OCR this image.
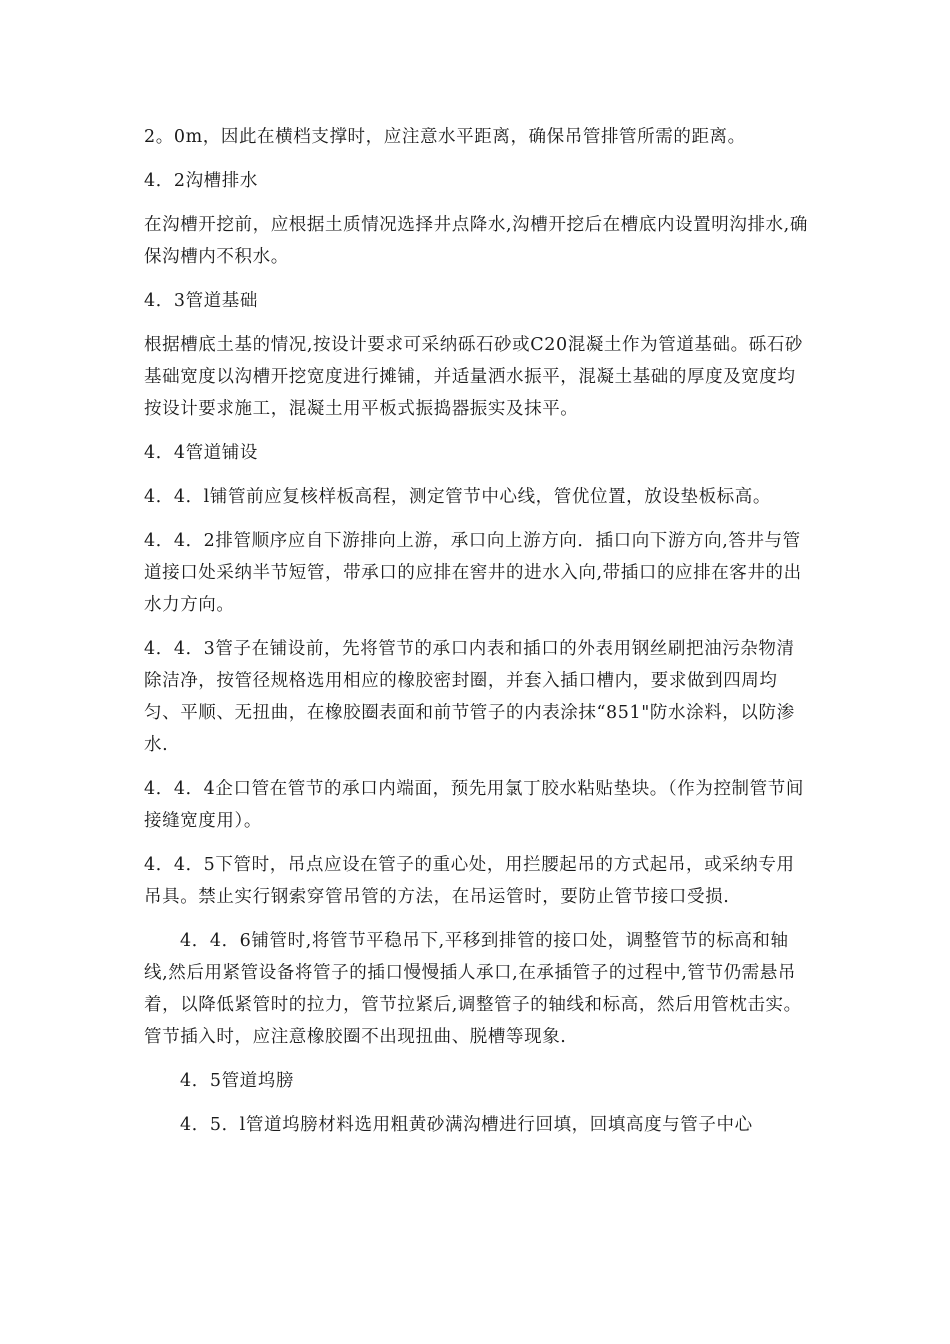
2。0m，因此在横档支撑时，应注意水平距离，确保吊管排管所需的距离。

4．2沟槽排水

在沟槽开挖前，应根据土质情况选择井点降水,沟槽开挖后在槽底内设置明沟排水,确保沟槽内不积水。

4．3管道基础

根据槽底土基的情况,按设计要求可采纳砾石砂或C20混凝土作为管道基础。砾石砂基础宽度以沟槽开挖宽度进行摊铺，并适量洒水振平，混凝土基础的厚度及宽度均按设计要求施工，混凝土用平板式振捣器振实及抹平。

4．4管道铺设

4．4．l铺管前应复核样板高程，测定管节中心线，管优位置，放设垫板标高。

4．4．2排管顺序应自下游排向上游，承口向上游方向．插口向下游方向,答井与管道接口处采纳半节短管，带承口的应排在窖井的进水入向,带插口的应排在客井的出水力方向。

4．4．3管子在铺设前，先将管节的承口内表和插口的外表用钢丝刷把油污杂物清除洁净，按管径规格选用相应的橡胶密封圈，并套入插口槽内，要求做到四周均匀、平顺、无扭曲，在橡胶圈表面和前节管子的内表涂抹“851"防水涂料，以防渗水.

4．4．4企口管在管节的承口内端面，预先用氯丁胶水粘贴垫块。（作为控制管节间接缝宽度用）。

4．4．5下管时，吊点应设在管子的重心处，用拦腰起吊的方式起吊，或采纳专用吊具。禁止实行钢索穿管吊管的方法，在吊运管时，要防止管节接口受损.

4．4．6铺管时,将管节平稳吊下,平移到排管的接口处，调整管节的标高和轴线,然后用紧管设备将管子的插口慢慢插人承口,在承插管子的过程中,管节仍需悬吊着，以降低紧管时的拉力，管节拉紧后,调整管子的轴线和标高，然后用管枕击实。管节插入时，应注意橡胶圈不出现扭曲、脱槽等现象.

4．5管道坞膀

4．5．l管道坞膀材料选用粗黄砂满沟槽进行回填，回填高度与管子中心
